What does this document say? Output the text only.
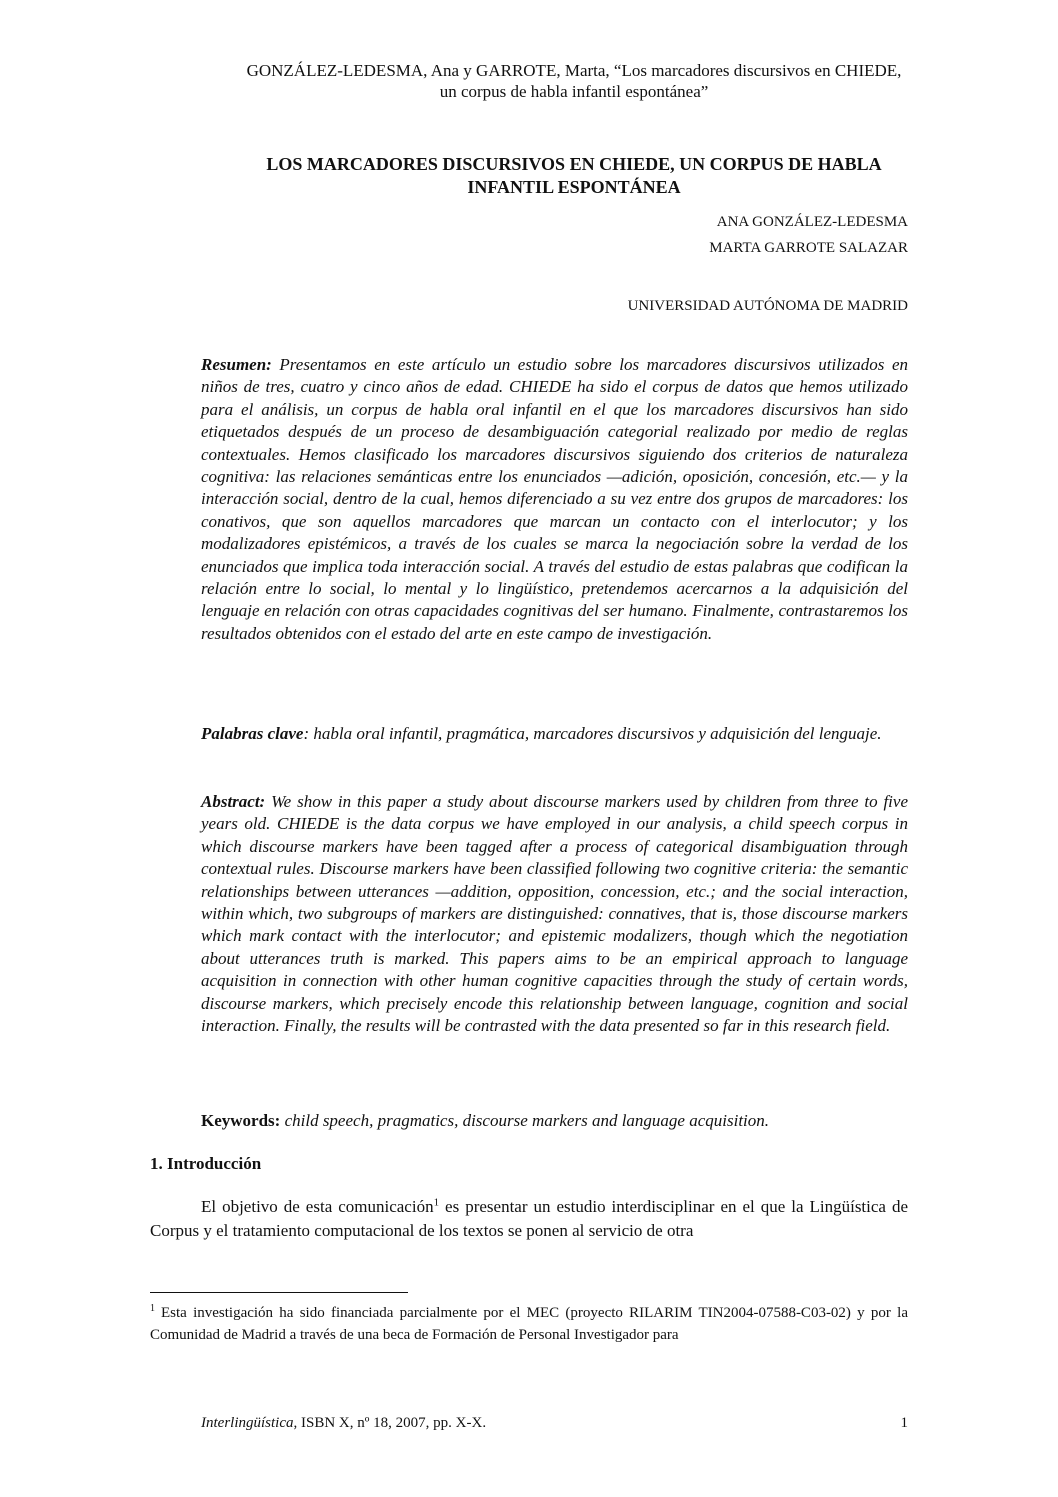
GONZÁLEZ-LEDESMA, Ana y GARROTE, Marta, “Los marcadores discursivos en CHIEDE,
un corpus de habla infantil espontánea”
LOS MARCADORES DISCURSIVOS EN CHIEDE, UN CORPUS DE HABLA
INFANTIL ESPONTÁNEA
ANA GONZÁLEZ-LEDESMA
MARTA GARROTE SALAZAR
UNIVERSIDAD AUTÓNOMA DE MADRID
Resumen: Presentamos en este artículo un estudio sobre los marcadores discursivos utilizados en niños de tres, cuatro y cinco años de edad. CHIEDE ha sido el corpus de datos que hemos utilizado para el análisis, un corpus de habla oral infantil en el que los marcadores discursivos han sido etiquetados después de un proceso de desambiguación categorial realizado por medio de reglas contextuales. Hemos clasificado los marcadores discursivos siguiendo dos criterios de naturaleza cognitiva: las relaciones semánticas entre los enunciados —adición, oposición, concesión, etc.— y la interacción social, dentro de la cual, hemos diferenciado a su vez entre dos grupos de marcadores: los conativos, que son aquellos marcadores que marcan un contacto con el interlocutor; y los modalizadores epistémicos, a través de los cuales se marca la negociación sobre la verdad de los enunciados que implica toda interacción social. A través del estudio de estas palabras que codifican la relación entre lo social, lo mental y lo lingüístico, pretendemos acercarnos a la adquisición del lenguaje en relación con otras capacidades cognitivas del ser humano. Finalmente, contrastaremos los resultados obtenidos con el estado del arte en este campo de investigación.
Palabras clave: habla oral infantil, pragmática, marcadores discursivos y adquisición del lenguaje.
Abstract: We show in this paper a study about discourse markers used by children from three to five years old. CHIEDE is the data corpus we have employed in our analysis, a child speech corpus in which discourse markers have been tagged after a process of categorical disambiguation through contextual rules. Discourse markers have been classified following two cognitive criteria: the semantic relationships between utterances —addition, opposition, concession, etc.; and the social interaction, within which, two subgroups of markers are distinguished: connatives, that is, those discourse markers which mark contact with the interlocutor; and epistemic modalizers, though which the negotiation about utterances truth is marked. This papers aims to be an empirical approach to language acquisition in connection with other human cognitive capacities through the study of certain words, discourse markers, which precisely encode this relationship between language, cognition and social interaction. Finally, the results will be contrasted with the data presented so far in this research field.
Keywords: child speech, pragmatics, discourse markers and language acquisition.
1. Introducción
El objetivo de esta comunicación$^1$ es presentar un estudio interdisciplinar en el que la Lingüística de Corpus y el tratamiento computacional de los textos se ponen al servicio de otra
$^1$ Esta investigación ha sido financiada parcialmente por el MEC (proyecto RILARIM TIN2004-07588-C03-02) y por la Comunidad de Madrid a través de una beca de Formación de Personal Investigador para
Interlingüística, ISBN X, nº 18, 2007, pp. X-X.	1
